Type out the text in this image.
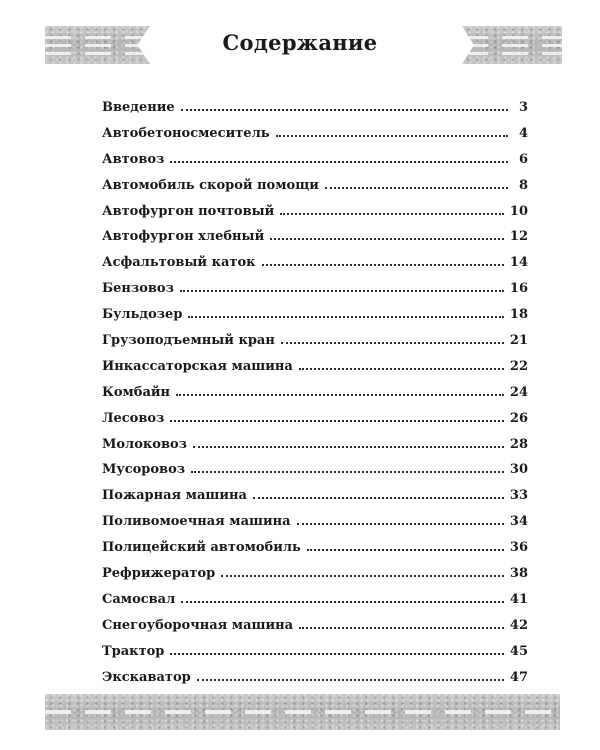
Содержание
Введение	3
Автобетоносмеситель	4
Автовоз	6
Автомобиль скорой помощи	8
Автофургон почтовый	10
Автофургон хлебный	12
Асфальтовый каток	14
Бензовоз	16
Бульдозер	18
Грузоподъемный кран	21
Инкассаторская машина	22
Комбайн	24
Лесовоз	26
Молоковоз	28
Мусоровоз	30
Пожарная машина	33
Поливомоечная машина	34
Полицейский автомобиль	36
Рефрижератор	38
Самосвал	41
Снегоуборочная машина	42
Трактор	45
Экскаватор	47
